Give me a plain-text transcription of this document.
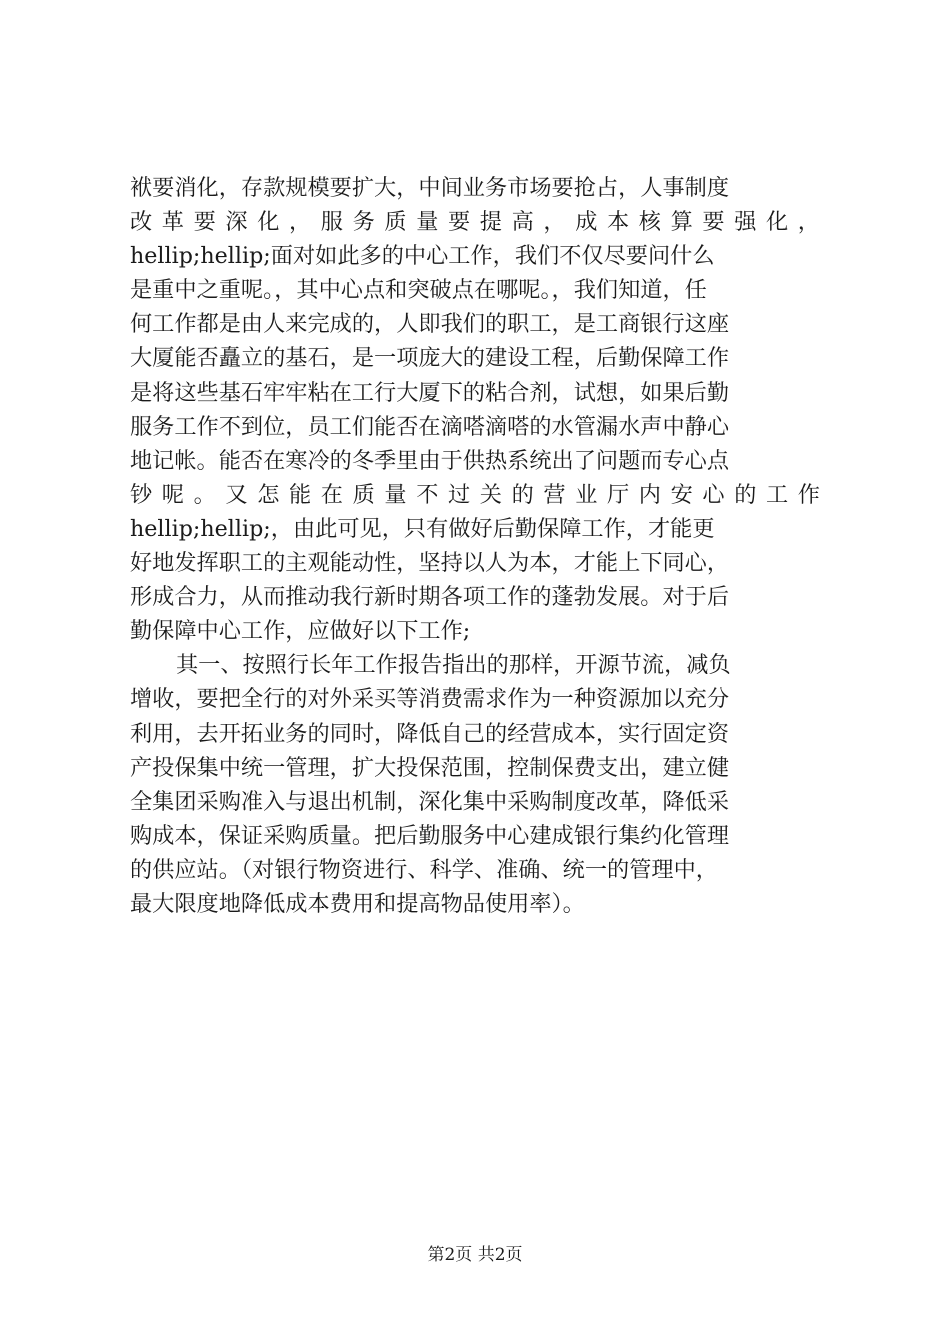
袱要消化，存款规模要扩大，中间业务市场要抢占，人事制度
改革要深化，服务质量要提高，成本核算要强化，
hellip;hellip;面对如此多的中心工作，我们不仅尽要问什么
是重中之重呢。，其中心点和突破点在哪呢。，我们知道，任
何工作都是由人来完成的，人即我们的职工，是工商银行这座
大厦能否矗立的基石，是一项庞大的建设工程，后勤保障工作
是将这些基石牢牢粘在工行大厦下的粘合剂，试想，如果后勤
服务工作不到位，员工们能否在滴嗒滴嗒的水管漏水声中静心
地记帐。能否在寒冷的冬季里由于供热系统出了问题而专心点
钞呢。又怎能在质量不过关的营业厅内安心的工作
hellip;hellip;，由此可见，只有做好后勤保障工作，才能更
好地发挥职工的主观能动性，坚持以人为本，才能上下同心，
形成合力，从而推动我行新时期各项工作的蓬勃发展。对于后
勤保障中心工作，应做好以下工作;
其一、按照行长年工作报告指出的那样，开源节流，减负
增收，要把全行的对外采买等消费需求作为一种资源加以充分
利用，去开拓业务的同时，降低自己的经营成本，实行固定资
产投保集中统一管理，扩大投保范围，控制保费支出，建立健
全集团采购准入与退出机制，深化集中采购制度改革，降低采
购成本，保证采购质量。把后勤服务中心建成银行集约化管理
的供应站。（对银行物资进行、科学、准确、统一的管理中，
最大限度地降低成本费用和提高物品使用率）。
第2页 共2页
